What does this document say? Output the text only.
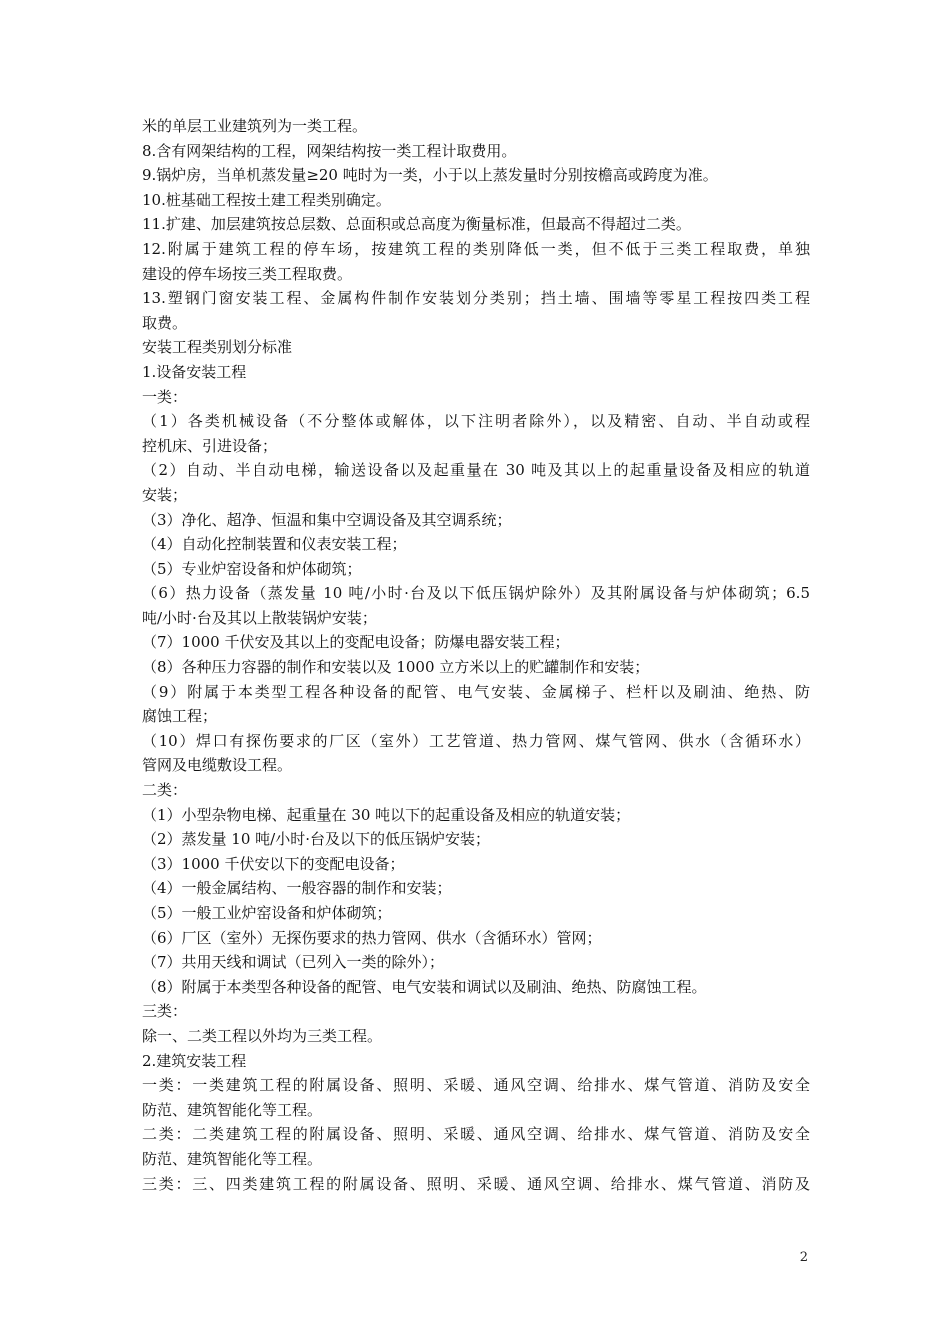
米的单层工业建筑列为一类工程。
8.含有网架结构的工程，网架结构按一类工程计取费用。
9.锅炉房，当单机蒸发量≥20 吨时为一类，小于以上蒸发量时分别按檐高或跨度为准。
10.桩基础工程按土建工程类别确定。
11.扩建、加层建筑按总层数、总面积或总高度为衡量标准，但最高不得超过二类。
12.附属于建筑工程的停车场，按建筑工程的类别降低一类，但不低于三类工程取费，单独
建设的停车场按三类工程取费。
13.塑钢门窗安装工程、金属构件制作安装划分类别；挡土墙、围墙等零星工程按四类工程
取费。
安装工程类别划分标准
1.设备安装工程
一类：
（1）各类机械设备（不分整体或解体，以下注明者除外），以及精密、自动、半自动或程
控机床、引进设备；
（2）自动、半自动电梯，输送设备以及起重量在 30 吨及其以上的起重量设备及相应的轨道
安装；
（3）净化、超净、恒温和集中空调设备及其空调系统；
（4）自动化控制装置和仪表安装工程；
（5）专业炉窑设备和炉体砌筑；
（6）热力设备（蒸发量 10 吨/小时·台及以下低压锅炉除外）及其附属设备与炉体砌筑；6.5
吨/小时·台及其以上散装锅炉安装；
（7）1000 千伏安及其以上的变配电设备；防爆电器安装工程；
（8）各种压力容器的制作和安装以及 1000 立方米以上的贮罐制作和安装；
（9）附属于本类型工程各种设备的配管、电气安装、金属梯子、栏杆以及刷油、绝热、防
腐蚀工程；
（10）焊口有探伤要求的厂区（室外）工艺管道、热力管网、煤气管网、供水（含循环水）
管网及电缆敷设工程。
二类：
（1）小型杂物电梯、起重量在 30 吨以下的起重设备及相应的轨道安装；
（2）蒸发量 10 吨/小时·台及以下的低压锅炉安装；
（3）1000 千伏安以下的变配电设备；
（4）一般金属结构、一般容器的制作和安装；
（5）一般工业炉窑设备和炉体砌筑；
（6）厂区（室外）无探伤要求的热力管网、供水（含循环水）管网；
（7）共用天线和调试（已列入一类的除外）；
（8）附属于本类型各种设备的配管、电气安装和调试以及刷油、绝热、防腐蚀工程。
三类：
除一、二类工程以外均为三类工程。
2.建筑安装工程
一类：一类建筑工程的附属设备、照明、采暖、通风空调、给排水、煤气管道、消防及安全
防范、建筑智能化等工程。
二类：二类建筑工程的附属设备、照明、采暖、通风空调、给排水、煤气管道、消防及安全
防范、建筑智能化等工程。
三类：三、四类建筑工程的附属设备、照明、采暖、通风空调、给排水、煤气管道、消防及
2
